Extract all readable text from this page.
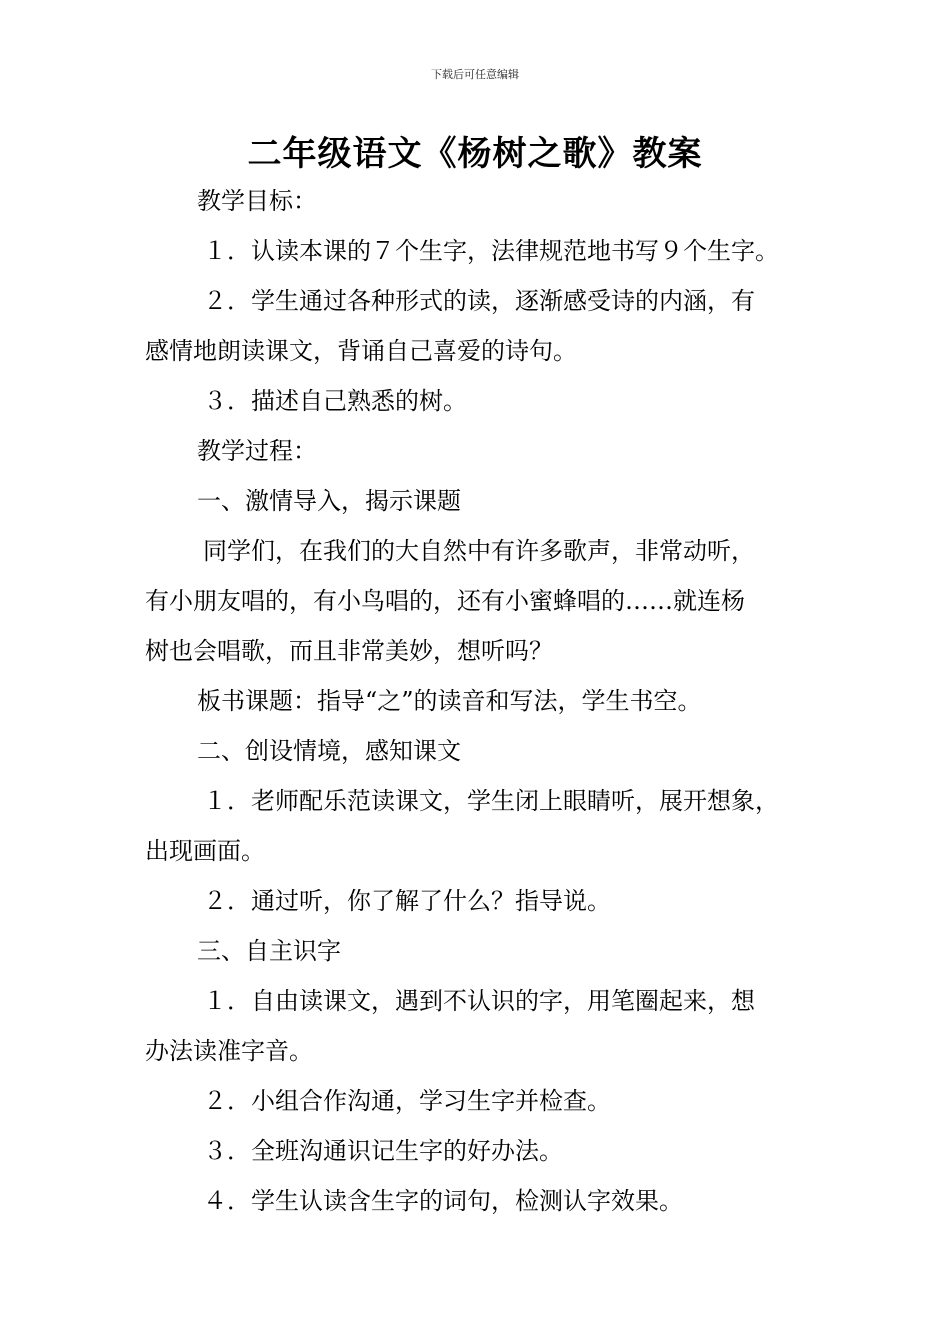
下载后可任意编辑
二年级语文《杨树之歌》教案
教学目标：
１．认读本课的７个生字，法律规范地书写９个生字。
２．学生通过各种形式的读，逐渐感受诗的内涵，有
感情地朗读课文，背诵自己喜爱的诗句。
３．描述自己熟悉的树。
教学过程：
一、激情导入，揭示课题
同学们，在我们的大自然中有许多歌声，非常动听，
有小朋友唱的，有小鸟唱的，还有小蜜蜂唱的……就连杨
树也会唱歌，而且非常美妙，想听吗？
板书课题：指导“之”的读音和写法，学生书空。
二、创设情境，感知课文
１．老师配乐范读课文，学生闭上眼睛听，展开想象，
出现画面。
２．通过听，你了解了什么？指导说。
三、自主识字
１．自由读课文，遇到不认识的字，用笔圈起来，想
办法读准字音。
２．小组合作沟通，学习生字并检查。
３．全班沟通识记生字的好办法。
４．学生认读含生字的词句，检测认字效果。
